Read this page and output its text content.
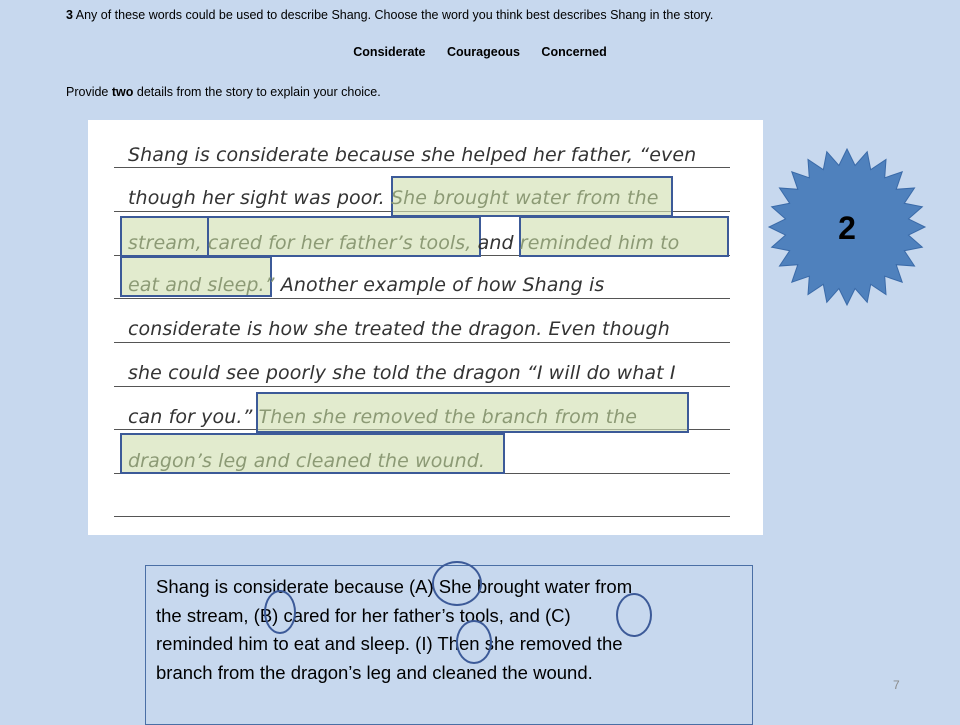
3 Any of these words could be used to describe Shang. Choose the word you think best describes Shang in the story.
Considerate Courageous Concerned
Provide two details from the story to explain your choice.
Shang is considerate because she helped her father, “even
though her sight was poor. She brought water from the
stream, cared for her father’s tools, and reminded him to
eat and sleep.” Another example of how Shang is
considerate is how she treated the dragon. Even though
she could see poorly she told the dragon “I will do what I
can for you.” Then she removed the branch from the
dragon’s leg and cleaned the wound.
2
Shang is considerate because (A) She brought water from
the stream, (B) cared for her father’s tools, and (C)
reminded him to eat and sleep. (I) Then she removed the
branch from the dragon’s leg and cleaned the wound.
7
